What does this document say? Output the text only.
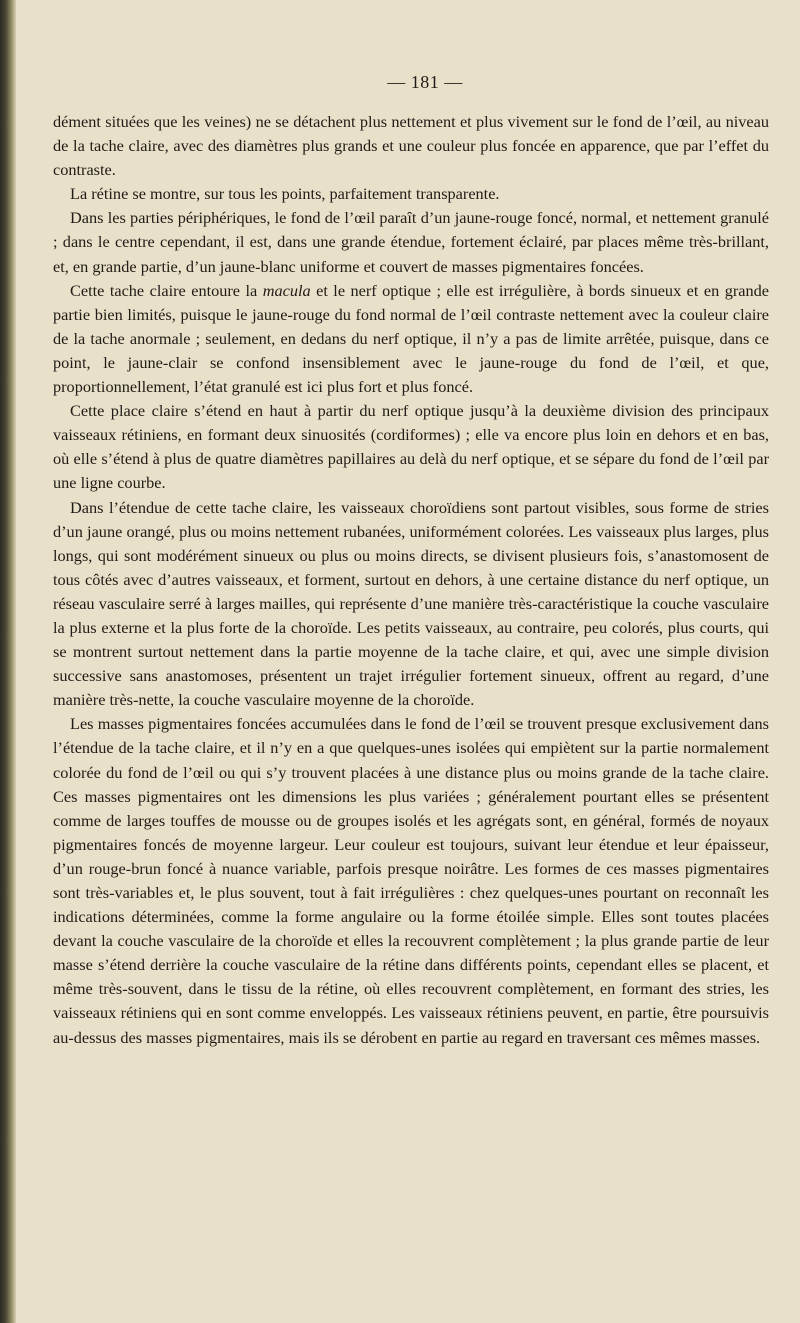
— 181 —

dément situées que les veines) ne se détachent plus nettement et plus vivement sur le fond de l’œil, au niveau de la tache claire, avec des diamètres plus grands et une couleur plus foncée en apparence, que par l’effet du contraste.

La rétine se montre, sur tous les points, parfaitement transparente.

Dans les parties périphériques, le fond de l’œil paraît d’un jaune-rouge foncé, normal, et nettement granulé ; dans le centre cependant, il est, dans une grande étendue, fortement éclairé, par places même très-brillant, et, en grande partie, d’un jaune-blanc uniforme et couvert de masses pigmentaires foncées.

Cette tache claire entoure la macula et le nerf optique ; elle est irrégulière, à bords sinueux et en grande partie bien limités, puisque le jaune-rouge du fond normal de l’œil contraste nettement avec la couleur claire de la tache anormale ; seulement, en dedans du nerf optique, il n’y a pas de limite arrêtée, puisque, dans ce point, le jaune-clair se confond insensiblement avec le jaune-rouge du fond de l’œil, et que, proportionnellement, l’état granulé est ici plus fort et plus foncé.

Cette place claire s’étend en haut à partir du nerf optique jusqu’à la deuxième division des principaux vaisseaux rétiniens, en formant deux sinuosités (cordiformes) ; elle va encore plus loin en dehors et en bas, où elle s’étend à plus de quatre diamètres papillaires au delà du nerf optique, et se sépare du fond de l’œil par une ligne courbe.

Dans l’étendue de cette tache claire, les vaisseaux choroïdiens sont partout visibles, sous forme de stries d’un jaune orangé, plus ou moins nettement rubanées, uniformément colorées. Les vaisseaux plus larges, plus longs, qui sont modérément sinueux ou plus ou moins directs, se divisent plusieurs fois, s’anastomosent de tous côtés avec d’autres vaisseaux, et forment, surtout en dehors, à une certaine distance du nerf optique, un réseau vasculaire serré à larges mailles, qui représente d’une manière très-caractéristique la couche vasculaire la plus externe et la plus forte de la choroïde. Les petits vaisseaux, au contraire, peu colorés, plus courts, qui se montrent surtout nettement dans la partie moyenne de la tache claire, et qui, avec une simple division successive sans anastomoses, présentent un trajet irrégulier fortement sinueux, offrent au regard, d’une manière très-nette, la couche vasculaire moyenne de la choroïde.

Les masses pigmentaires foncées accumulées dans le fond de l’œil se trouvent presque exclusivement dans l’étendue de la tache claire, et il n’y en a que quelques-unes isolées qui empiètent sur la partie normalement colorée du fond de l’œil ou qui s’y trouvent placées à une distance plus ou moins grande de la tache claire. Ces masses pigmentaires ont les dimensions les plus variées ; généralement pourtant elles se présentent comme de larges touffes de mousse ou de groupes isolés et les agrégats sont, en général, formés de noyaux pigmentaires foncés de moyenne largeur. Leur couleur est toujours, suivant leur étendue et leur épaisseur, d’un rouge-brun foncé à nuance variable, parfois presque noirâtre. Les formes de ces masses pigmentaires sont très-variables et, le plus souvent, tout à fait irrégulières : chez quelques-unes pourtant on reconnaît les indications déterminées, comme la forme angulaire ou la forme étoilée simple. Elles sont toutes placées devant la couche vasculaire de la choroïde et elles la recouvrent complètement ; la plus grande partie de leur masse s’étend derrière la couche vasculaire de la rétine dans différents points, cependant elles se placent, et même très-souvent, dans le tissu de la rétine, où elles recouvrent complètement, en formant des stries, les vaisseaux rétiniens qui en sont comme enveloppés. Les vaisseaux rétiniens peuvent, en partie, être poursuivis au-dessus des masses pigmentaires, mais ils se dérobent en partie au regard en traversant ces mêmes masses.
